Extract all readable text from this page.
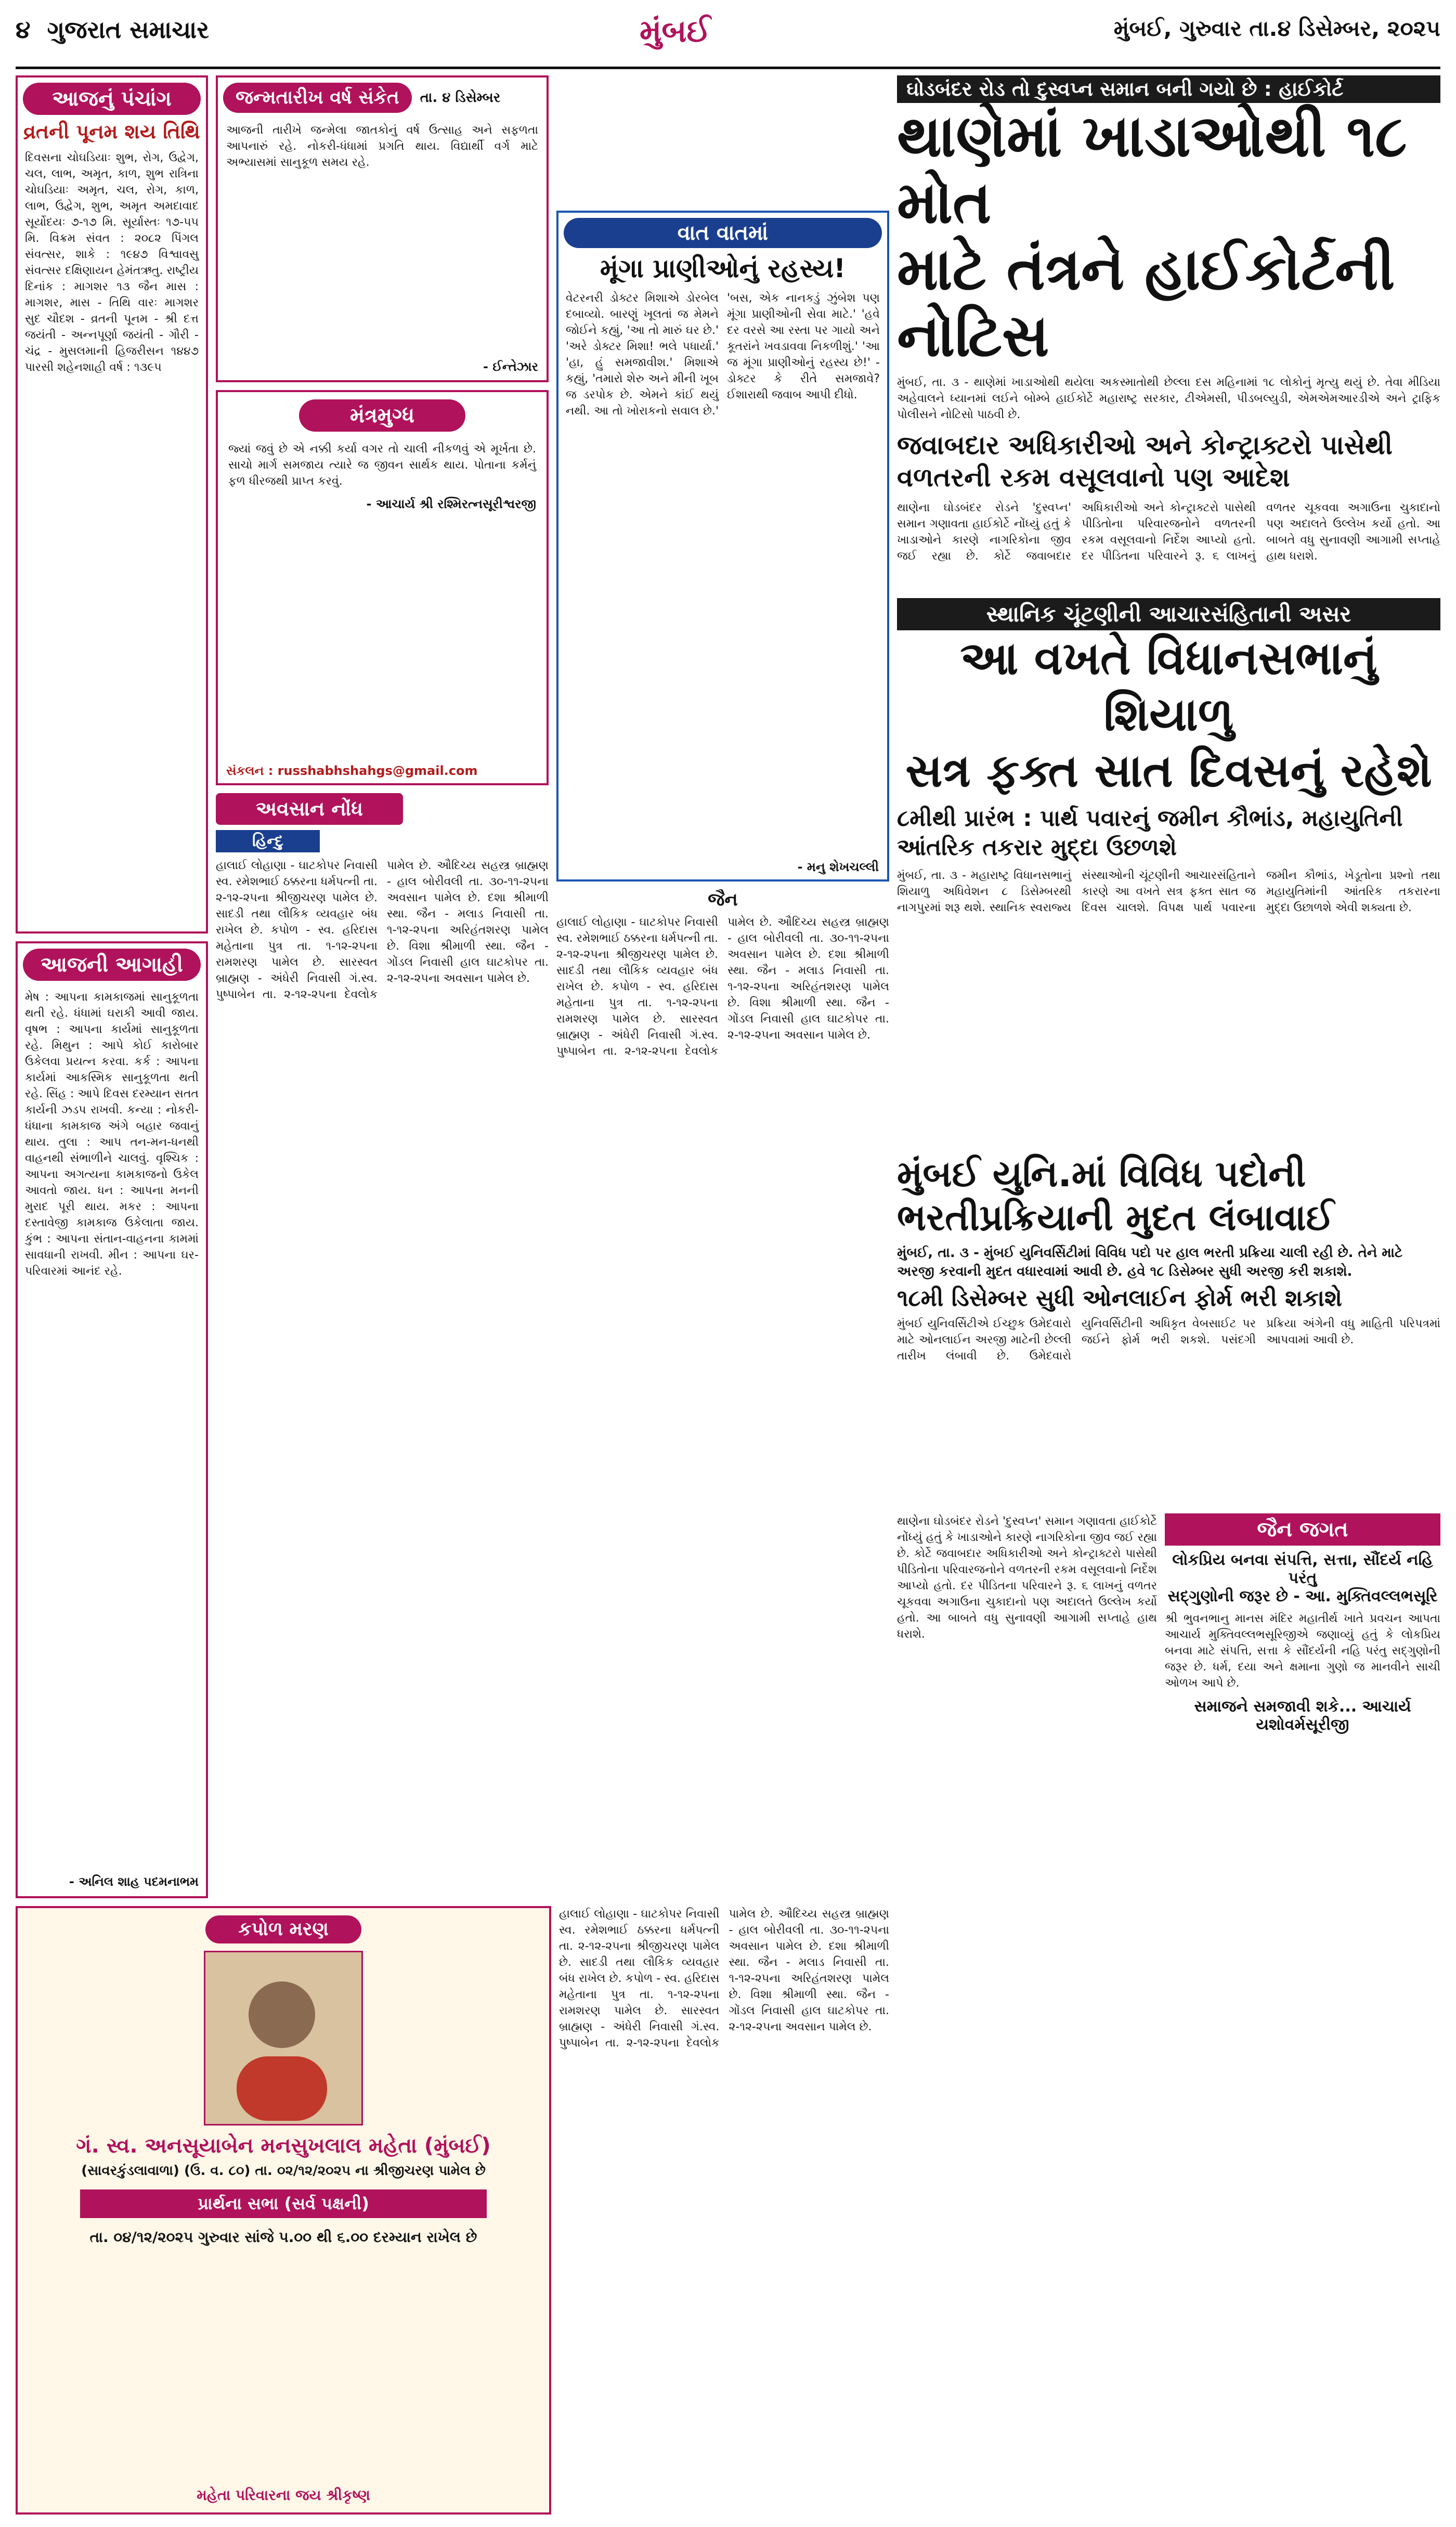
૪ ગુજરાત સમાચાર	મુંબઈ	મુંબઈ, ગુરુવાર તા.૪ ડિસેમ્બર, ૨૦૨૫
આજનું પંચાંગ
વ્રતની પૂનમ શય તિથિ
દિવસના ચોઘડિયાઃ શુભ, રોગ, ઉદ્વેગ, ચલ, લાભ, અમૃત, કાળ, શુભ રાત્રિના ચોઘડિયાઃ અમૃત, ચલ, રોગ, કાળ, લાભ, ઉદ્વેગ, શુભ, અમૃત અમદાવાદ સૂર્યોદયઃ ૭-૧૭ મિ. સૂર્યાસ્તઃ ૧૭-૫૫ મિ. વિક્રમ સંવત : ૨૦૮૨ પિંગલ સંવત્સર, શાકે : ૧૯૪૭ વિશ્વાવસુ સંવત્સર દક્ષિણાયન હેમંતઋતુ. રાષ્ટ્રીય દિનાંક : માગશર ૧૩ જૈન માસ : માગશર, માસ - તિથિ વારઃ માગશર સુદ ચૌદશ - વ્રતની પૂનમ - શ્રી દત્ત જયંતી - અન્નપૂર્ણા જયંતી - ગૌરી - ચંદ્ર - મુસલમાની હિજરીસન ૧૪૪૭ પારસી શહેનશાહી વર્ષ : ૧૩૯૫
આજની આગાહી
મેષ : આપના કામકાજમાં સાનુકૂળતા થતી રહે. ધંધામાં ઘરાકી આવી જાય. વૃષભ : આપના કાર્યમાં સાનુકૂળતા રહે. મિથુન : આપે કોઈ કારોબાર ઉકેલવા પ્રયત્ન કરવા. કર્ક : આપના કાર્યમાં આકસ્મિક સાનુકૂળતા થતી રહે. સિંહ : આપે દિવસ દરમ્યાન સતત કાર્યની ઝડપ રાખવી. કન્યા : નોકરી-ધંધાના કામકાજ અંગે બહાર જવાનું થાય. તુલા : આપ તન-મન-ધનથી વાહનથી સંભાળીને ચાલવું. વૃશ્ચિક : આપના અગત્યના કામકાજનો ઉકેલ આવતો જાય. ધન : આપના મનની મુરાદ પૂરી થાય. મકર : આપના દસ્તાવેજી કામકાજ ઉકેલાતા જાય. કુંભ : આપના સંતાન-વાહનના કામમાં સાવધાની રાખવી. મીન : આપના ઘર-પરિવારમાં આનંદ રહે.
- અનિલ શાહ પદમનાભમ
જન્મતારીખ વર્ષ સંકેત	તા. ૪ ડિસેમ્બર
આજની તારીખે જન્મેલા જાતકોનું વર્ષ ઉત્સાહ અને સફળતા આપનારું રહે. નોકરી-ધંધામાં પ્રગતિ થાય. વિદ્યાર્થી વર્ગ માટે અભ્યાસમાં સાનુકૂળ સમય રહે.
- ઈન્તેઝાર
મંત્રમુગ્ધ
જ્યાં જવું છે એ નક્કી કર્યા વગર તો ચાલી નીકળવું એ મૂર્ખતા છે. સાચો માર્ગ સમજાય ત્યારે જ જીવન સાર્થક થાય. પોતાના કર્મનું ફળ ધીરજથી પ્રાપ્ત કરવું.
- આચાર્ય શ્રી રશ્મિરત્નસૂરીશ્વરજી
સંકલન : russhabhshahgs@gmail.com
અવસાન નોંધ
હિન્દુ
હાલાઈ લોહાણા - ઘાટકોપર નિવાસી સ્વ. રમેશભાઈ ઠક્કરના ધર્મપત્ની તા. ૨-૧૨-૨૫ના શ્રીજીચરણ પામેલ છે. સાદડી તથા લૌકિક વ્યવહાર બંધ રાખેલ છે. કપોળ - સ્વ. હરિદાસ મહેતાના પુત્ર તા. ૧-૧૨-૨૫ના રામશરણ પામેલ છે. સારસ્વત બ્રાહ્મણ - અંધેરી નિવાસી ગં.સ્વ. પુષ્પાબેન તા. ૨-૧૨-૨૫ના દેવલોક પામેલ છે. ઔદિચ્ય સહસ્ત્ર બ્રાહ્મણ - હાલ બોરીવલી તા. ૩૦-૧૧-૨૫ના અવસાન પામેલ છે. દશા શ્રીમાળી સ્થા. જૈન - મલાડ નિવાસી તા. ૧-૧૨-૨૫ના અરિહંતશરણ પામેલ છે. વિશા શ્રીમાળી સ્થા. જૈન - ગોંડલ નિવાસી હાલ ઘાટકોપર તા. ૨-૧૨-૨૫ના અવસાન પામેલ છે.
વાત વાતમાં
મૂંગા પ્રાણીઓનું રહસ્ય!
વેટરનરી ડોક્ટર મિશાએ ડોરબેલ દબાવ્યો. બારણું ખૂલતાં જ મેમને જોઈને કહ્યું, 'આ તો મારું ઘર છે.' 'અરે ડોક્ટર મિશા! ભલે પધાર્યા.' 'હા, હું સમજાવીશ.' મિશાએ કહ્યું, 'તમારો શેરુ અને મીની ખૂબ જ ડરપોક છે. એમને કાંઈ થયું નથી. આ તો ખોરાકનો સવાલ છે.' 'બસ, એક નાનકડું ઝુંબેશ પણ મૂંગા પ્રાણીઓની સેવા માટે.' 'હવે દર વરસે આ રસ્તા પર ગાયો અને કૂતરાંને ખવડાવવા નિકળીશું.' 'આ જ મૂંગા પ્રાણીઓનું રહસ્ય છે!' - ડોક્ટર કે રીતે સમજાવે? ઈશારાથી જવાબ આપી દીધો.
- મનુ શેખચલ્લી
જૈન
હાલાઈ લોહાણા - ઘાટકોપર નિવાસી સ્વ. રમેશભાઈ ઠક્કરના ધર્મપત્ની તા. ૨-૧૨-૨૫ના શ્રીજીચરણ પામેલ છે. સાદડી તથા લૌકિક વ્યવહાર બંધ રાખેલ છે. કપોળ - સ્વ. હરિદાસ મહેતાના પુત્ર તા. ૧-૧૨-૨૫ના રામશરણ પામેલ છે. સારસ્વત બ્રાહ્મણ - અંધેરી નિવાસી ગં.સ્વ. પુષ્પાબેન તા. ૨-૧૨-૨૫ના દેવલોક પામેલ છે. ઔદિચ્ય સહસ્ત્ર બ્રાહ્મણ - હાલ બોરીવલી તા. ૩૦-૧૧-૨૫ના અવસાન પામેલ છે. દશા શ્રીમાળી સ્થા. જૈન - મલાડ નિવાસી તા. ૧-૧૨-૨૫ના અરિહંતશરણ પામેલ છે. વિશા શ્રીમાળી સ્થા. જૈન - ગોંડલ નિવાસી હાલ ઘાટકોપર તા. ૨-૧૨-૨૫ના અવસાન પામેલ છે.
ઘોડબંદર રોડ તો દુસ્વપ્ન સમાન બની ગયો છે : હાઈકોર્ટ
થાણેમાં ખાડાઓથી ૧૮ મોત
માટે તંત્રને હાઈકોર્ટની નોટિસ
મુંબઈ, તા. ૩ - થાણેમાં ખાડાઓથી થયેલા અકસ્માતોથી છેલ્લા દસ મહિનામાં ૧૮ લોકોનું મૃત્યુ થયું છે. તેવા મીડિયા અહેવાલને ધ્યાનમાં લઈને બોમ્બે હાઈકોર્ટે મહારાષ્ટ્ર સરકાર, ટીએમસી, પીડબલ્યુડી, એમએમઆરડીએ અને ટ્રાફિક પોલીસને નોટિસો પાઠવી છે.
જવાબદાર અધિકારીઓ અને કોન્ટ્રાક્ટરો પાસેથી વળતરની રકમ વસૂલવાનો પણ આદેશ
થાણેના ઘોડબંદર રોડને 'દુસ્વપ્ન' સમાન ગણાવતા હાઈકોર્ટે નોંધ્યું હતું કે ખાડાઓને કારણે નાગરિકોના જીવ જઈ રહ્યા છે. કોર્ટે જવાબદાર અધિકારીઓ અને કોન્ટ્રાક્ટરો પાસેથી પીડિતોના પરિવારજનોને વળતરની રકમ વસૂલવાનો નિર્દેશ આપ્યો હતો. દર પીડિતના પરિવારને રૂ. ૬ લાખનું વળતર ચૂકવવા અગાઉના ચુકાદાનો પણ અદાલતે ઉલ્લેખ કર્યો હતો. આ બાબતે વધુ સુનાવણી આગામી સપ્તાહે હાથ ધરાશે.
સ્થાનિક ચૂંટણીની આચારસંહિતાની અસર
આ વખતે વિધાનસભાનું શિયાળુ
સત્ર ફક્ત સાત દિવસનું રહેશે
૮મીથી પ્રારંભ : પાર્થ પવારનું જમીન કૌભાંડ, મહાયુતિની આંતરિક તકરાર મુદ્દા ઉછળશે
મુંબઈ, તા. ૩ - મહારાષ્ટ્ર વિધાનસભાનું શિયાળુ અધિવેશન ૮ ડિસેમ્બરથી નાગપુરમાં શરૂ થશે. સ્થાનિક સ્વરાજ્ય સંસ્થાઓની ચૂંટણીની આચારસંહિતાને કારણે આ વખતે સત્ર ફક્ત સાત જ દિવસ ચાલશે. વિપક્ષ પાર્થ પવારના જમીન કૌભાંડ, ખેડૂતોના પ્રશ્નો તથા મહાયુતિમાંની આંતરિક તકરારના મુદ્દા ઉછાળશે એવી શક્યતા છે.
મુંબઈ યુનિ.માં વિવિધ પદોની
ભરતીપ્રક્રિયાની મુદત લંબાવાઈ
મુંબઈ, તા. ૩ - મુંબઈ યુનિવર્સિટીમાં વિવિધ પદો પર હાલ ભરતી પ્રક્રિયા ચાલી રહી છે. તેને માટે અરજી કરવાની મુદત વધારવામાં આવી છે. હવે ૧૮ ડિસેમ્બર સુધી અરજી કરી શકાશે.
૧૮મી ડિસેમ્બર સુધી ઓનલાઈન ફોર્મ ભરી શકાશે
મુંબઈ યુનિવર્સિટીએ ઈચ્છુક ઉમેદવારો માટે ઓનલાઈન અરજી માટેની છેલ્લી તારીખ લંબાવી છે. ઉમેદવારો યુનિવર્સિટીની અધિકૃત વેબસાઈટ પર જઈને ફોર્મ ભરી શકશે. પસંદગી પ્રક્રિયા અંગેની વધુ માહિતી પરિપત્રમાં આપવામાં આવી છે.
જૈન જગત
લોકપ્રિય બનવા સંપત્તિ, સત્તા, સૌંદર્ય નહિ પરંતુ
સદ્ગુણોની જરૂર છે - આ. મુક્તિવલ્લભસૂરિ
શ્રી ભુવનભાનુ માનસ મંદિર મહાતીર્થ ખાતે પ્રવચન આપતા આચાર્ય મુક્તિવલ્લભસૂરિજીએ જણાવ્યું હતું કે લોકપ્રિય બનવા માટે સંપત્તિ, સત્તા કે સૌંદર્યની નહિ પરંતુ સદ્ગુણોની જરૂર છે. ધર્મ, દયા અને ક્ષમાના ગુણો જ માનવીને સાચી ઓળખ આપે છે.
સમાજને સમજાવી શકે... આચાર્ય યશોવર્મસૂરીજી
થાણેના ઘોડબંદર રોડને 'દુસ્વપ્ન' સમાન ગણાવતા હાઈકોર્ટે નોંધ્યું હતું કે ખાડાઓને કારણે નાગરિકોના જીવ જઈ રહ્યા છે. કોર્ટે જવાબદાર અધિકારીઓ અને કોન્ટ્રાક્ટરો પાસેથી પીડિતોના પરિવારજનોને વળતરની રકમ વસૂલવાનો નિર્દેશ આપ્યો હતો. દર પીડિતના પરિવારને રૂ. ૬ લાખનું વળતર ચૂકવવા અગાઉના ચુકાદાનો પણ અદાલતે ઉલ્લેખ કર્યો હતો. આ બાબતે વધુ સુનાવણી આગામી સપ્તાહે હાથ ધરાશે.
કપોળ મરણ
ગં. સ્વ. અનસૂયાબેન મનસુખલાલ મહેતા (મુંબઈ)
(સાવરકુંડલાવાળા) (ઉ. વ. ૮૦) તા. ૦૨/૧૨/૨૦૨૫ ના શ્રીજીચરણ પામેલ છે
પ્રાર્થના સભા (સર્વ પક્ષની)
તા. ૦૪/૧૨/૨૦૨૫ ગુરુવાર સાંજે ૫.૦૦ થી ૬.૦૦ દરમ્યાન રાખેલ છે
મહેતા પરિવારના જય શ્રીકૃષ્ણ
હાલાઈ લોહાણા - ઘાટકોપર નિવાસી સ્વ. રમેશભાઈ ઠક્કરના ધર્મપત્ની તા. ૨-૧૨-૨૫ના શ્રીજીચરણ પામેલ છે. સાદડી તથા લૌકિક વ્યવહાર બંધ રાખેલ છે. કપોળ - સ્વ. હરિદાસ મહેતાના પુત્ર તા. ૧-૧૨-૨૫ના રામશરણ પામેલ છે. સારસ્વત બ્રાહ્મણ - અંધેરી નિવાસી ગં.સ્વ. પુષ્પાબેન તા. ૨-૧૨-૨૫ના દેવલોક પામેલ છે. ઔદિચ્ય સહસ્ત્ર બ્રાહ્મણ - હાલ બોરીવલી તા. ૩૦-૧૧-૨૫ના અવસાન પામેલ છે. દશા શ્રીમાળી સ્થા. જૈન - મલાડ નિવાસી તા. ૧-૧૨-૨૫ના અરિહંતશરણ પામેલ છે. વિશા શ્રીમાળી સ્થા. જૈન - ગોંડલ નિવાસી હાલ ઘાટકોપર તા. ૨-૧૨-૨૫ના અવસાન પામેલ છે.
